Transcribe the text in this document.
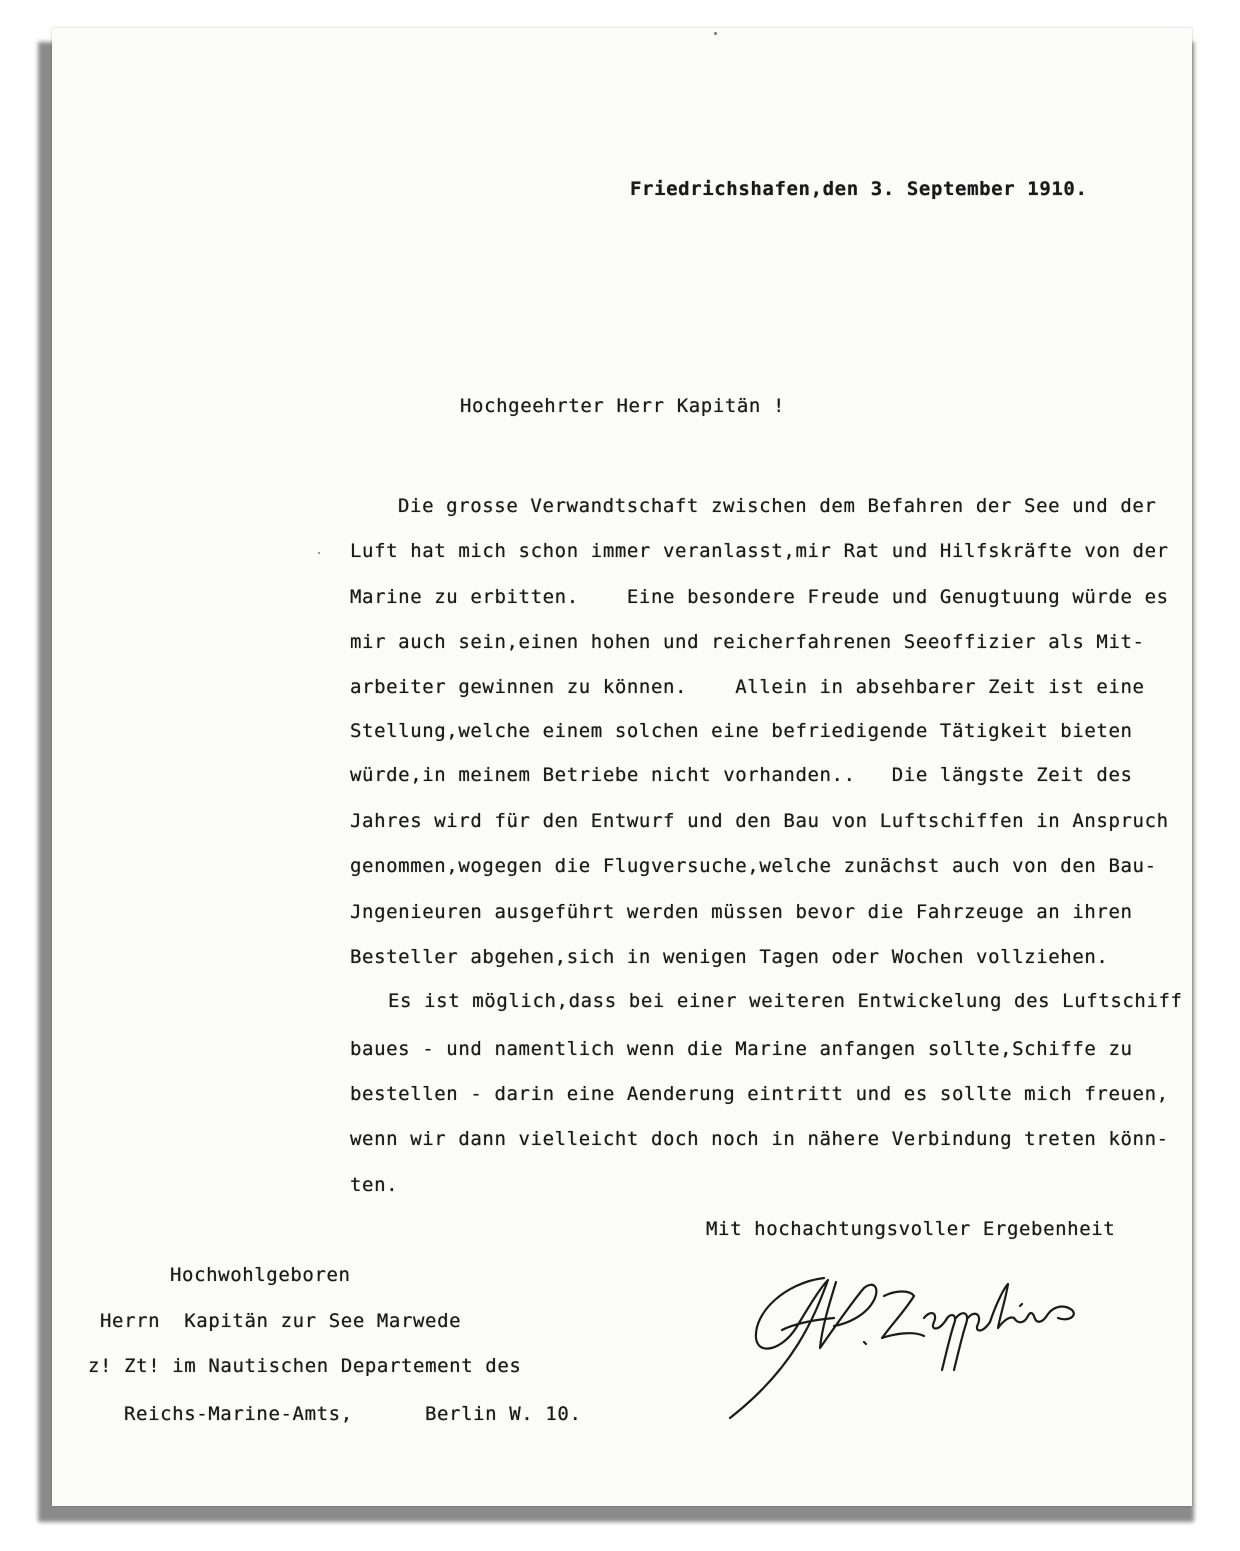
Friedrichshafen,den 3. September 1910.
Hochgeehrter Herr Kapitän !
Die grosse Verwandtschaft zwischen dem Befahren der See und der
Luft hat mich schon immer veranlasst,mir Rat und Hilfskräfte von der
Marine zu erbitten.    Eine besondere Freude und Genugtuung würde es
mir auch sein,einen hohen und reicherfahrenen Seeoffizier als Mit-
arbeiter gewinnen zu können.    Allein in absehbarer Zeit ist eine
Stellung,welche einem solchen eine befriedigende Tätigkeit bieten
würde,in meinem Betriebe nicht vorhanden..   Die längste Zeit des
Jahres wird für den Entwurf und den Bau von Luftschiffen in Anspruch
genommen,wogegen die Flugversuche,welche zunächst auch von den Bau-
Jngenieuren ausgeführt werden müssen bevor die Fahrzeuge an ihren
Besteller abgehen,sich in wenigen Tagen oder Wochen vollziehen.
Es ist möglich,dass bei einer weiteren Entwickelung des Luftschiff
baues - und namentlich wenn die Marine anfangen sollte,Schiffe zu
bestellen - darin eine Aenderung eintritt und es sollte mich freuen,
wenn wir dann vielleicht doch noch in nähere Verbindung treten könn-
ten.
Mit hochachtungsvoller Ergebenheit
Hochwohlgeboren
Herrn  Kapitän zur See Marwede
z! Zt! im Nautischen Departement des
Reichs-Marine-Amts,      Berlin W. 10.
